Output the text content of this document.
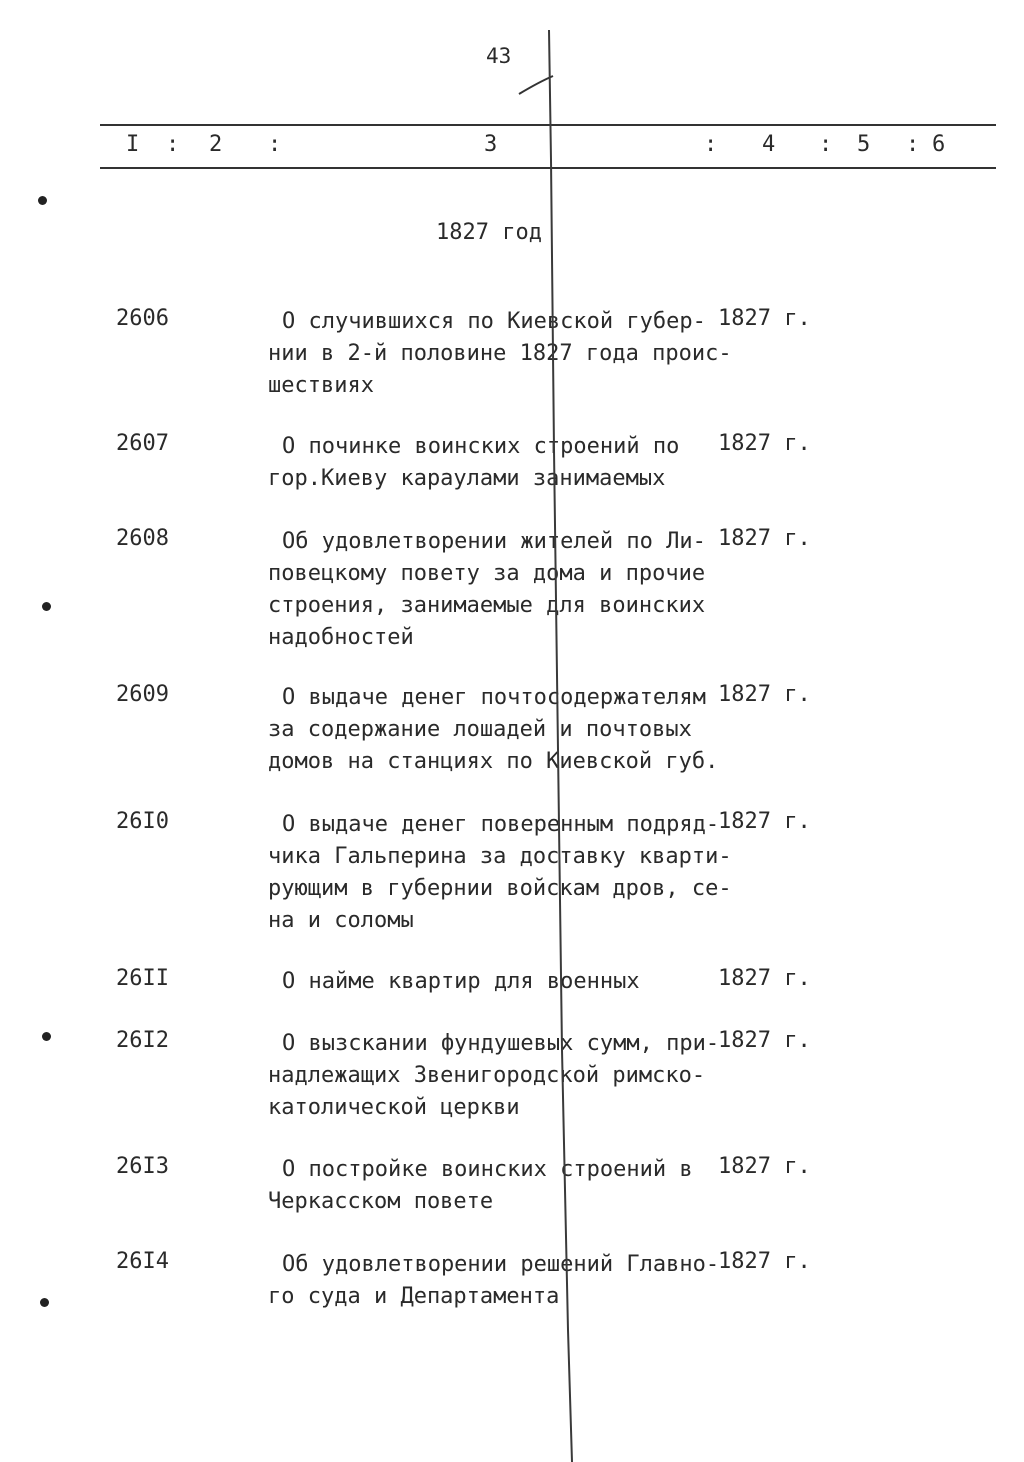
43
I : 2 :	3	: 4 : 5 : 6
1827 год
2606	О случившихся по Киевской губер-
нии в 2-й половине 1827 года проис-
шествиях
1827 г.
2607	О починке воинских строений по
гор.Киеву караулами занимаемых
1827 г.
2608	Об удовлетворении жителей по Ли-
повецкому повету за дома и прочие
строения, занимаемые для воинских
надобностей
1827 г.
2609	О выдаче денег почтосодержателям
за содержание лошадей и почтовых
домов на станциях по Киевской губ.
1827 г.
26I0	О выдаче денег поверенным подряд-
чика Гальперина за доставку кварти-
рующим в губернии войскам дров, се-
на и соломы
1827 г.
26II	О найме квартир для военных	1827 г.
26I2	О вызскании фундушевых сумм, при-
надлежащих Звенигородской римско-
католической церкви
1827 г.
26I3	О постройке воинских строений в
Черкасском повете
1827 г.
26I4	Об удовлетворении решений Главно-
го суда и Департамента
1827 г.
